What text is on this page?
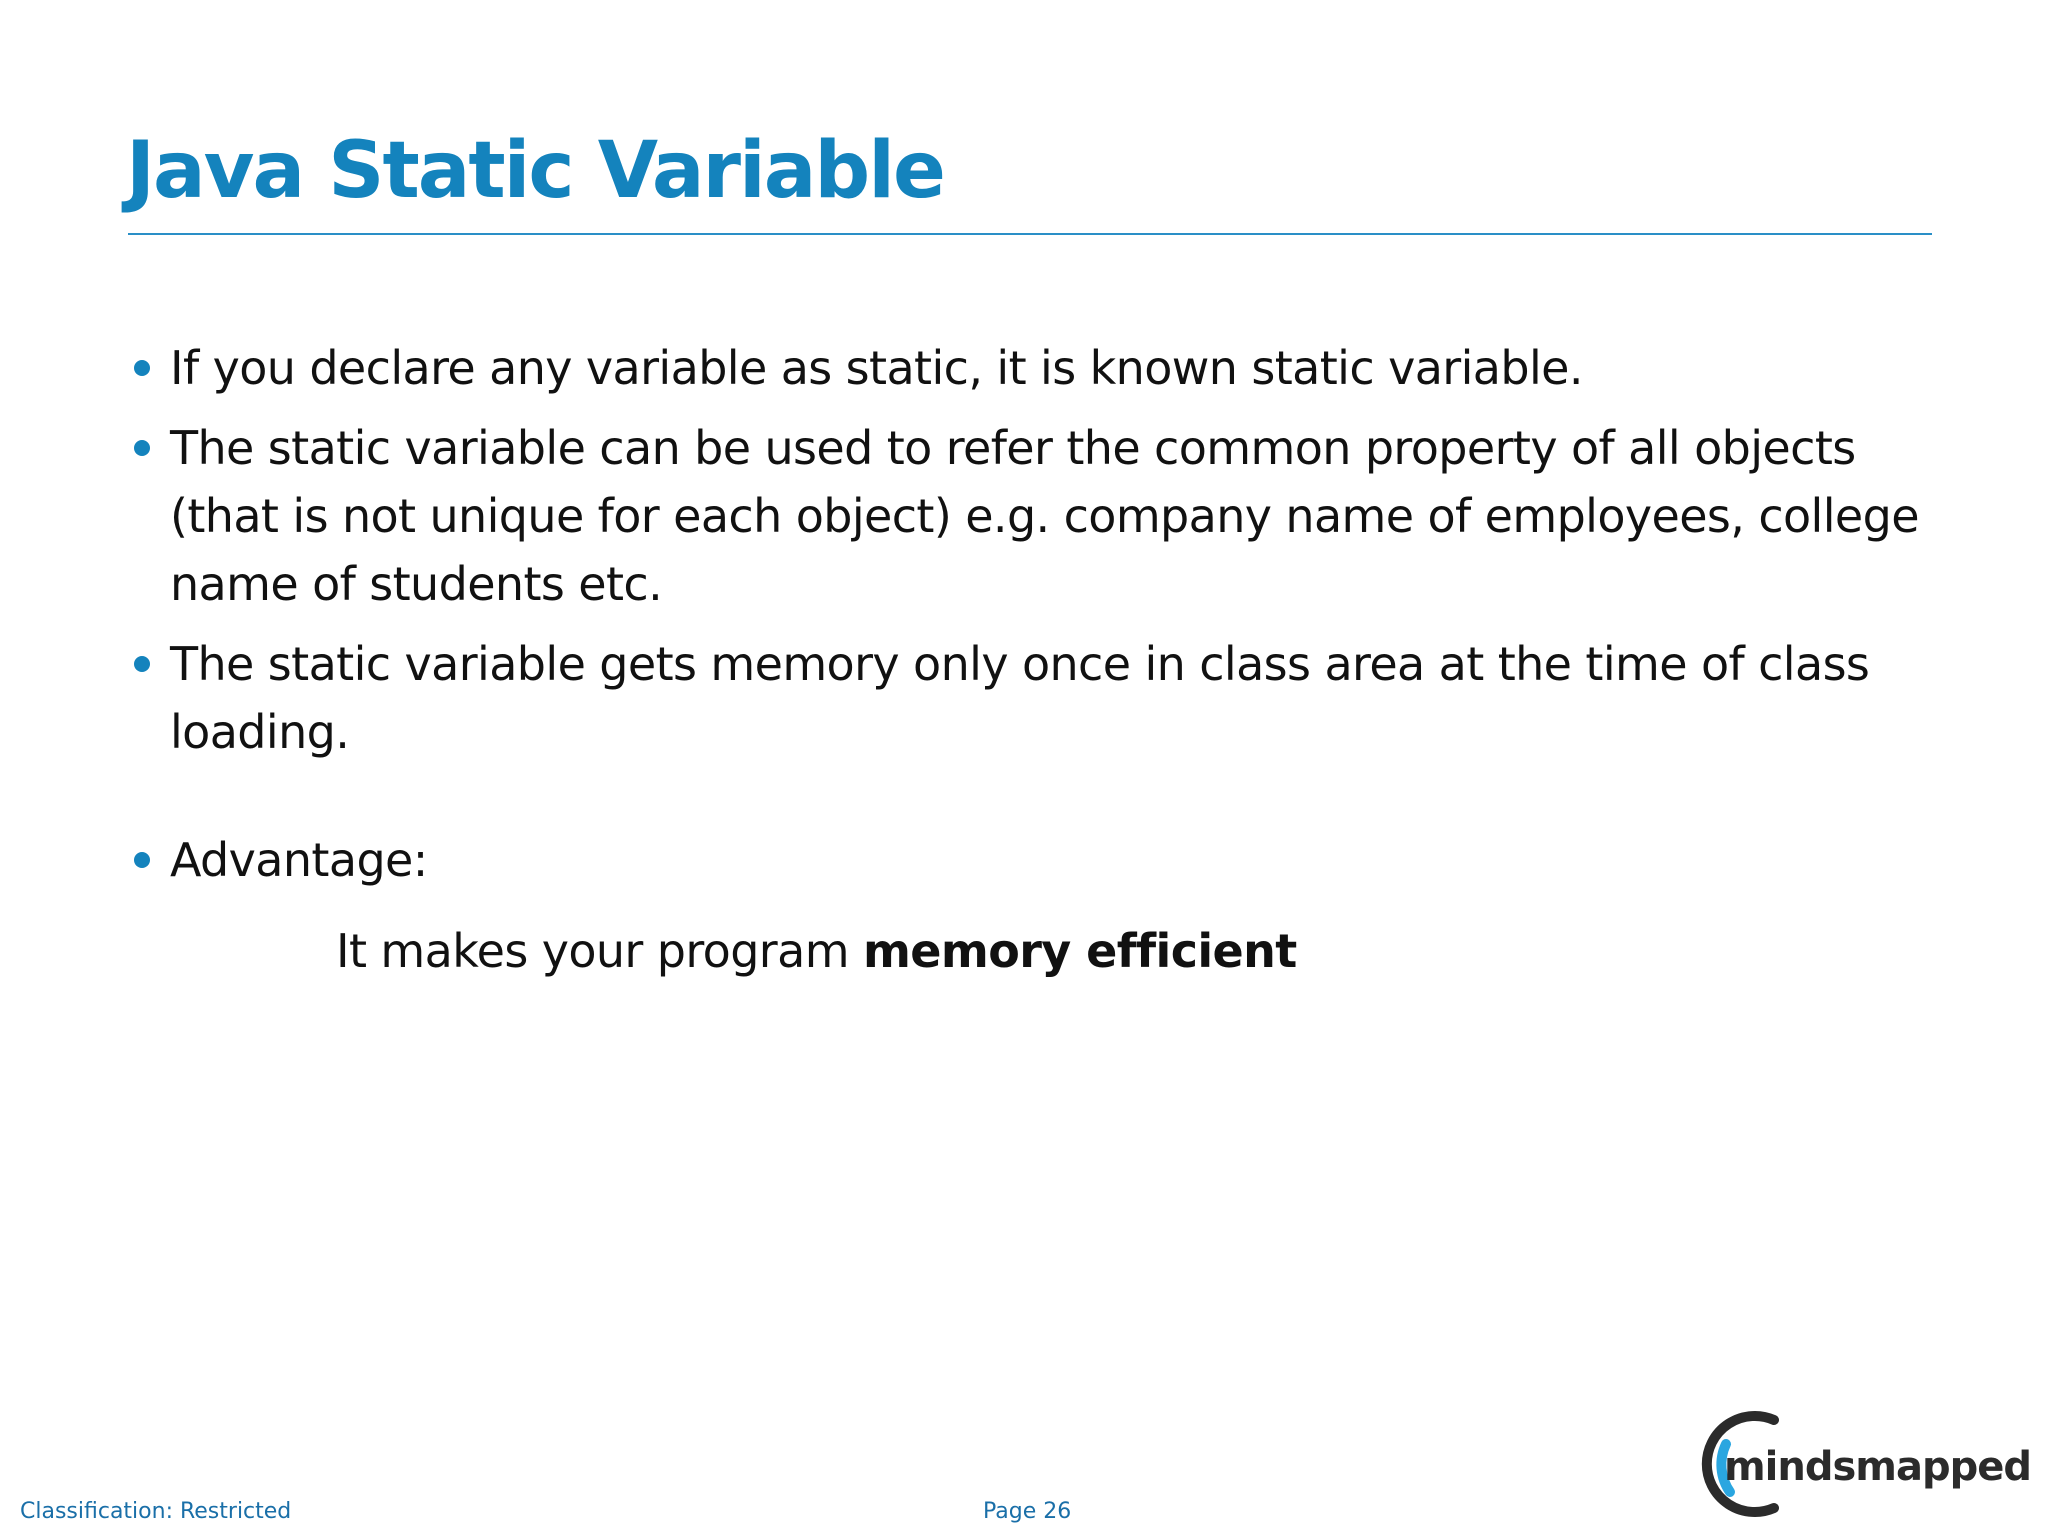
Java Static Variable
If you declare any variable as static, it is known static variable.
The static variable can be used to refer the common property of all objects (that is not unique for each object) e.g. company name of employees, college name of students etc.
The static variable gets memory only once in class area at the time of class loading.
Advantage:
It makes your program memory efficient
Classification: Restricted	Page 26
mindsmapped
